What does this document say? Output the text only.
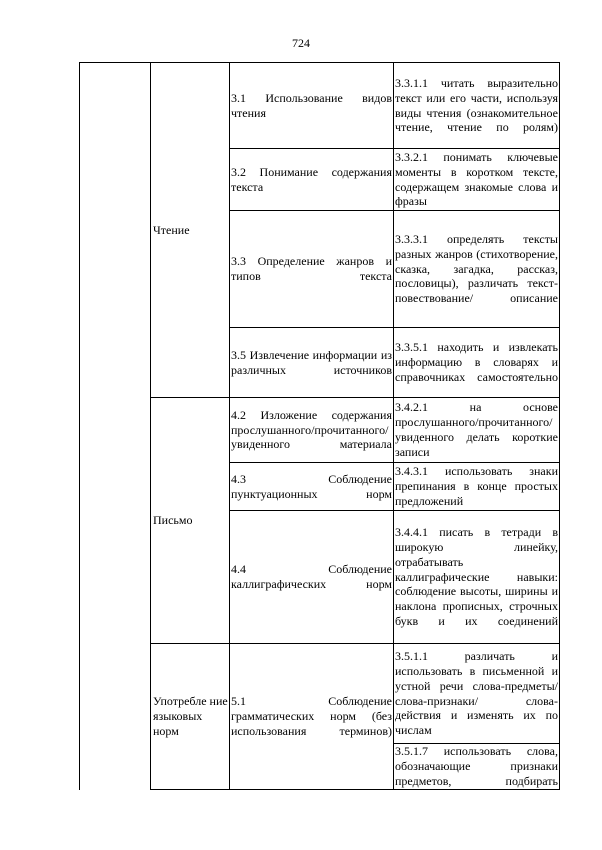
724
	Чтение	3.1 Использование видов чтения	3.3.1.1 читать выразительно текст или его части, используя виды чтения (ознакомительное чтение, чтение по ролям)
		3.2 Понимание содержания текста	3.3.2.1 понимать ключевые моменты в коротком тексте, содержащем знакомые слова и фразы
		3.3 Определение жанров и типов текста	3.3.3.1 определять тексты разных жанров (стихотворение, сказка, загадка, рассказ, пословицы), различать текст-повествование/ описание
		3.5 Извлечение информации из различных источников	3.3.5.1 находить и извлекать информацию в словарях и справочниках самостоятельно
	Письмо	4.2 Изложение содержания прослушанного/прочитанного/ увиденного материала	3.4.2.1 на основе прослушанного/прочитанного/ увиденного делать короткие записи
		4.3 Соблюдение пунктуационных норм	3.4.3.1 использовать знаки препинания в конце простых предложений
		4.4 Соблюдение каллиграфических норм	3.4.4.1 писать в тетради в широкую линейку, отрабатывать каллиграфические навыки: соблюдение высоты, ширины и наклона прописных, строчных букв и их соединений
	Употребле ние языковых норм	5.1 Соблюдение грамматических норм (без использования терминов)	3.5.1.1 различать и использовать в письменной и устной речи слова-предметы/слова-признаки/ слова-действия и изменять их по числам
			3.5.1.7 использовать слова, обозначающие признаки предметов, подбирать
